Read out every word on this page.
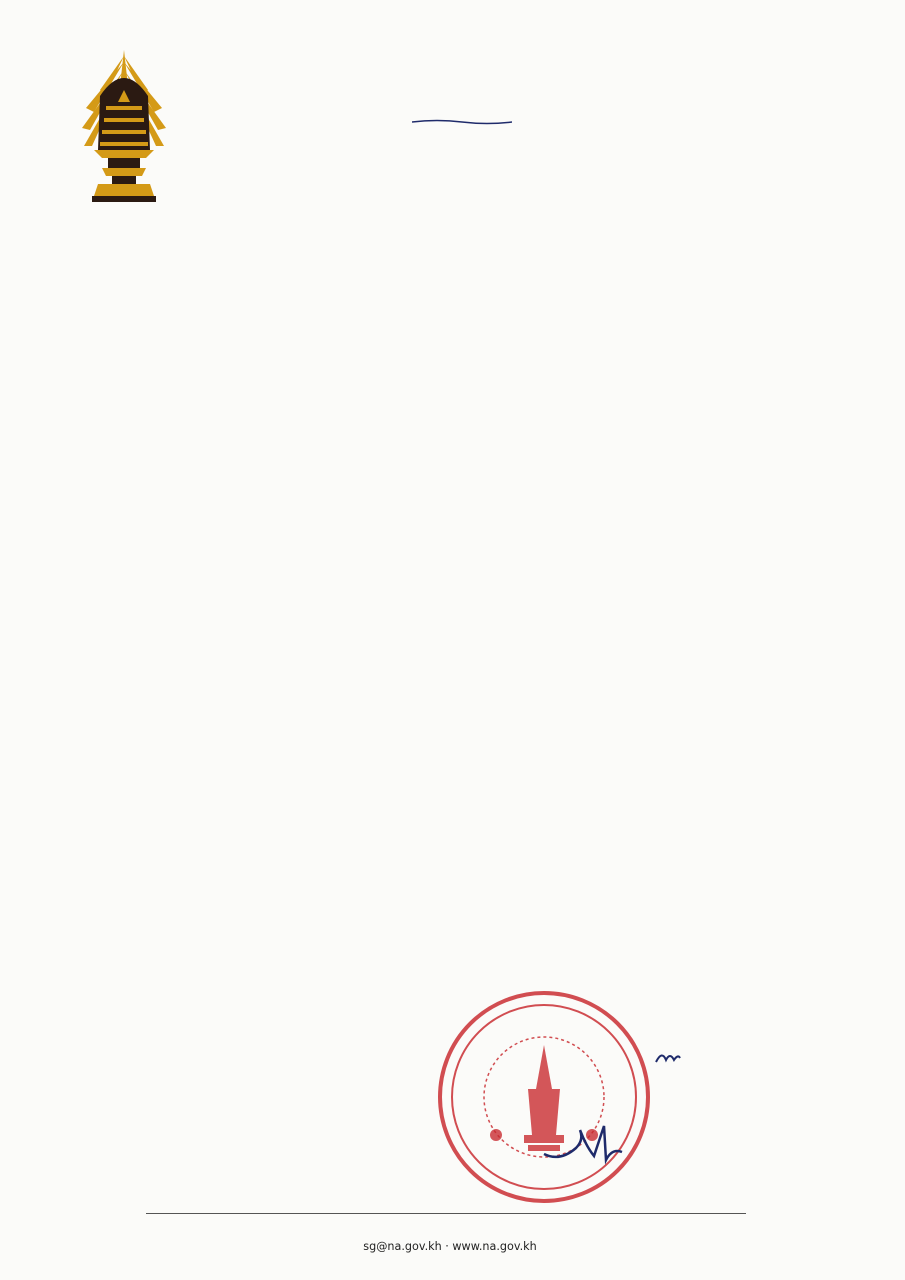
sg@na.gov.kh · www.na.gov.kh
